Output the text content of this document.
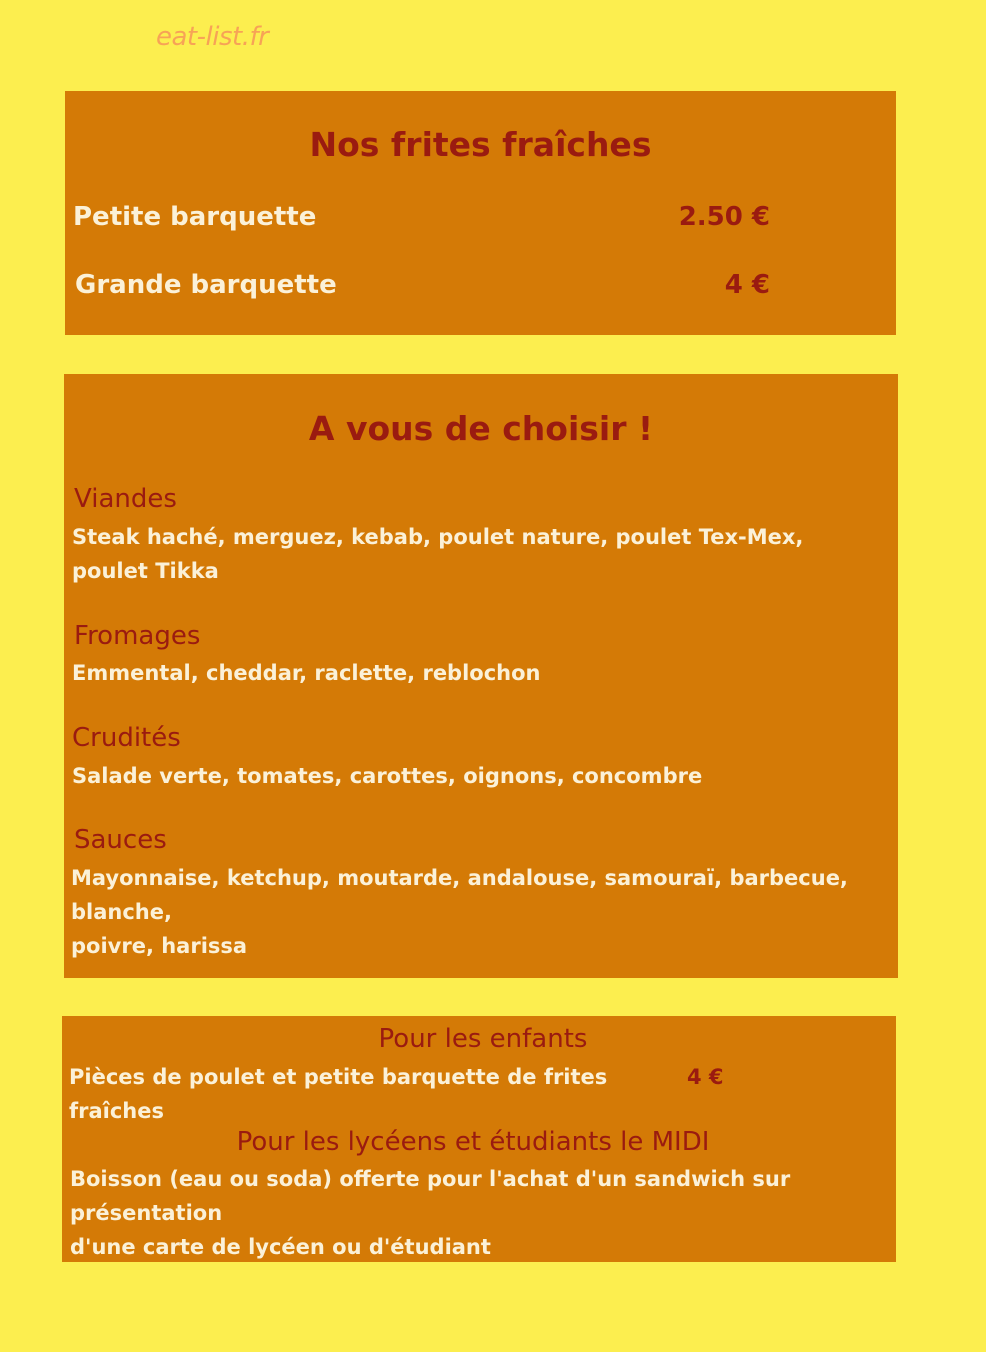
eat-list.fr
Nos frites fraîches
Petite barquette	2.50 €
Grande barquette	4 €
A vous de choisir !
Viandes
Steak haché, merguez, kebab, poulet nature, poulet Tex-Mex,
poulet Tikka
Fromages
Emmental, cheddar, raclette, reblochon
Crudités
Salade verte, tomates, carottes, oignons, concombre
Sauces
Mayonnaise, ketchup, moutarde, andalouse, samouraï, barbecue, blanche,
poivre, harissa
Pour les enfants
Pièces de poulet et petite barquette de frites fraîches
4 €
Pour les lycéens et étudiants le MIDI
Boisson (eau ou soda) offerte pour l'achat d'un sandwich sur présentation
d'une carte de lycéen ou d'étudiant
